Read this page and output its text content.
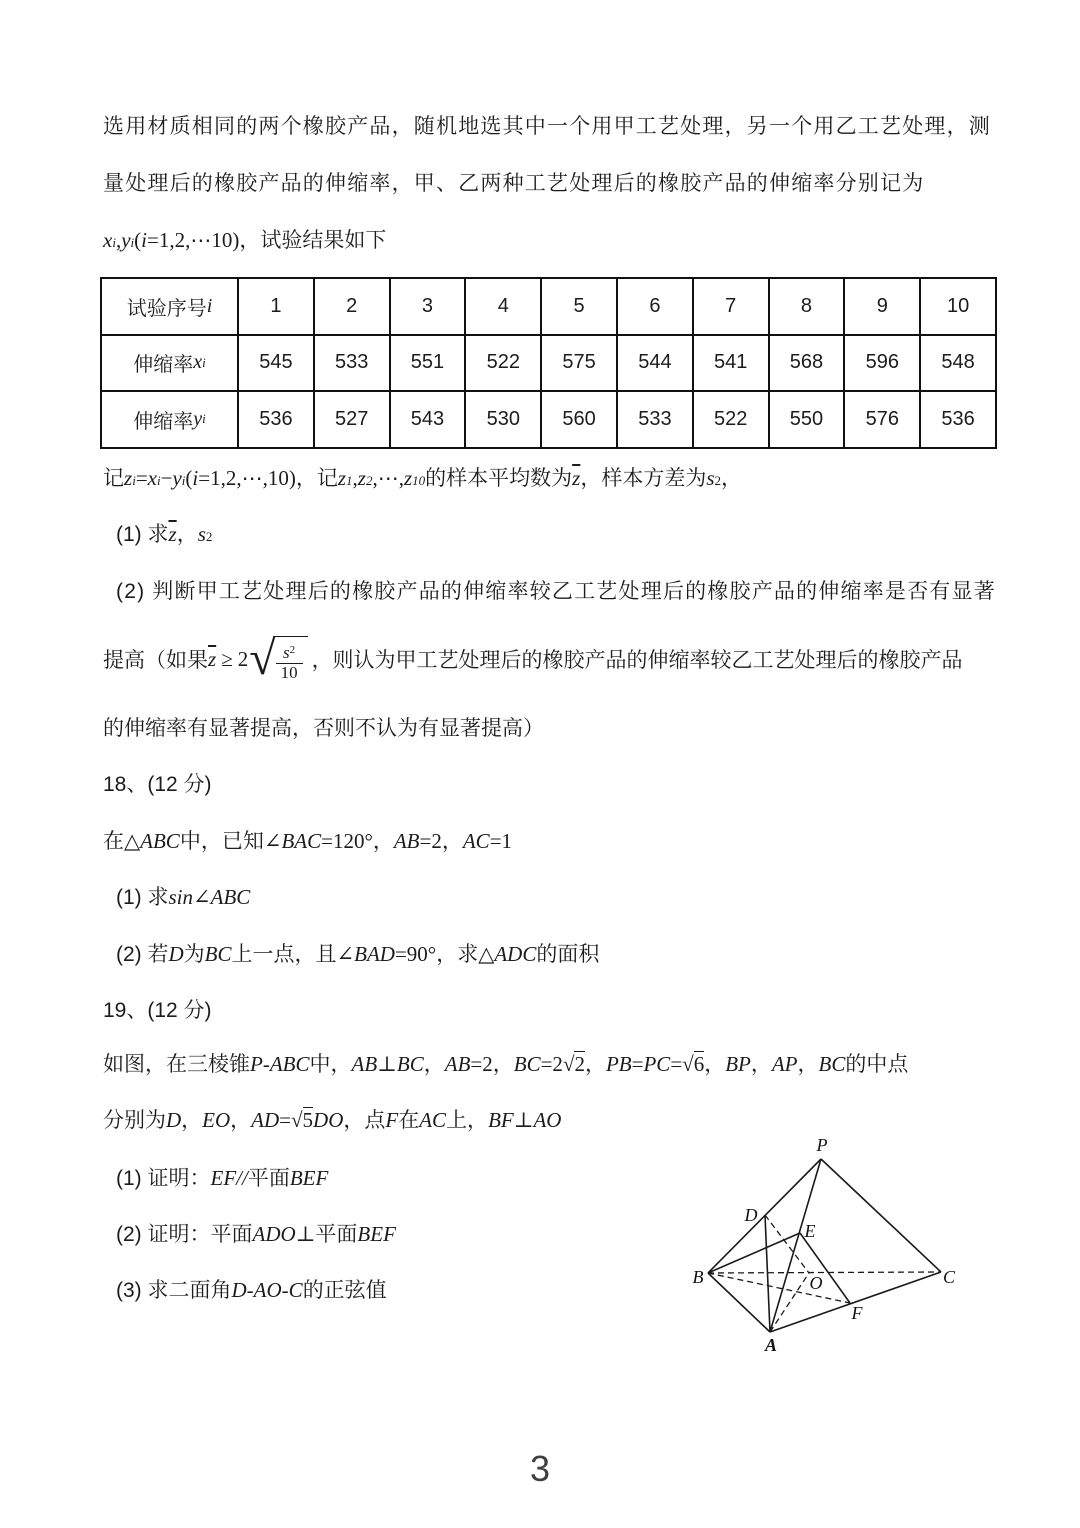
选用材质相同的两个橡胶产品，随机地选其中一个用甲工艺处理，另一个用乙工艺处理，测
量处理后的橡胶产品的伸缩率，甲、乙两种工艺处理后的橡胶产品的伸缩率分别记为
x i , y i ( i =1,2,⋯10) ，试验结果如下
试验序号 i	1	2	3	4	5	6	7	8	9	10
伸缩率 x i	545	533	551	522	575	544	541	568	596	548
伸缩率 y i	536	527	543	530	560	533	522	550	576	536
记 z i = x i − y i ( i =1,2,⋯,10) ，记 z 1 , z 2 ,⋯, z 10 的样本平均数为 $\overline{z}$ ，样本方差为 s 2 ，
(1) 求 $\overline{z}$ ， s 2
(2) 判断甲工艺处理后的橡胶产品的伸缩率较乙工艺处理后的橡胶产品的伸缩率是否有显著
提高（如果 $\overline{z} \ge 2$ √ $\frac{s^2}{10}$ ，则认为甲工艺处理后的橡胶产品的伸缩率较乙工艺处理后的橡胶产品
的伸缩率有显著提高，否则不认为有显著提高）
18、(12 分)
在 △ ABC 中，已知 ∠ BAC =120° ， AB =2 ， AC =1
(1) 求 sin ∠ ABC
(2) 若 D 为 BC 上一点，且 ∠ BAD =90° ，求 △ ADC 的面积
19、(12 分)
如图，在三棱锥 P - ABC 中， AB ⊥ BC ， AB =2 ， BC =2 √ 2 ， PB = PC = √ 6 ， BP ， AP ， BC 的中点
分别为 D ， EO ， AD = √ 5 DO ，点 F 在 AC 上， BF ⊥ AO
(1) 证明： EF // 平面 BEF
(2) 证明：平面 ADO ⊥ 平面 BEF
(3) 求二面角 D - AO - C 的正弦值
P
D
E
B	O	C
F
A
3
